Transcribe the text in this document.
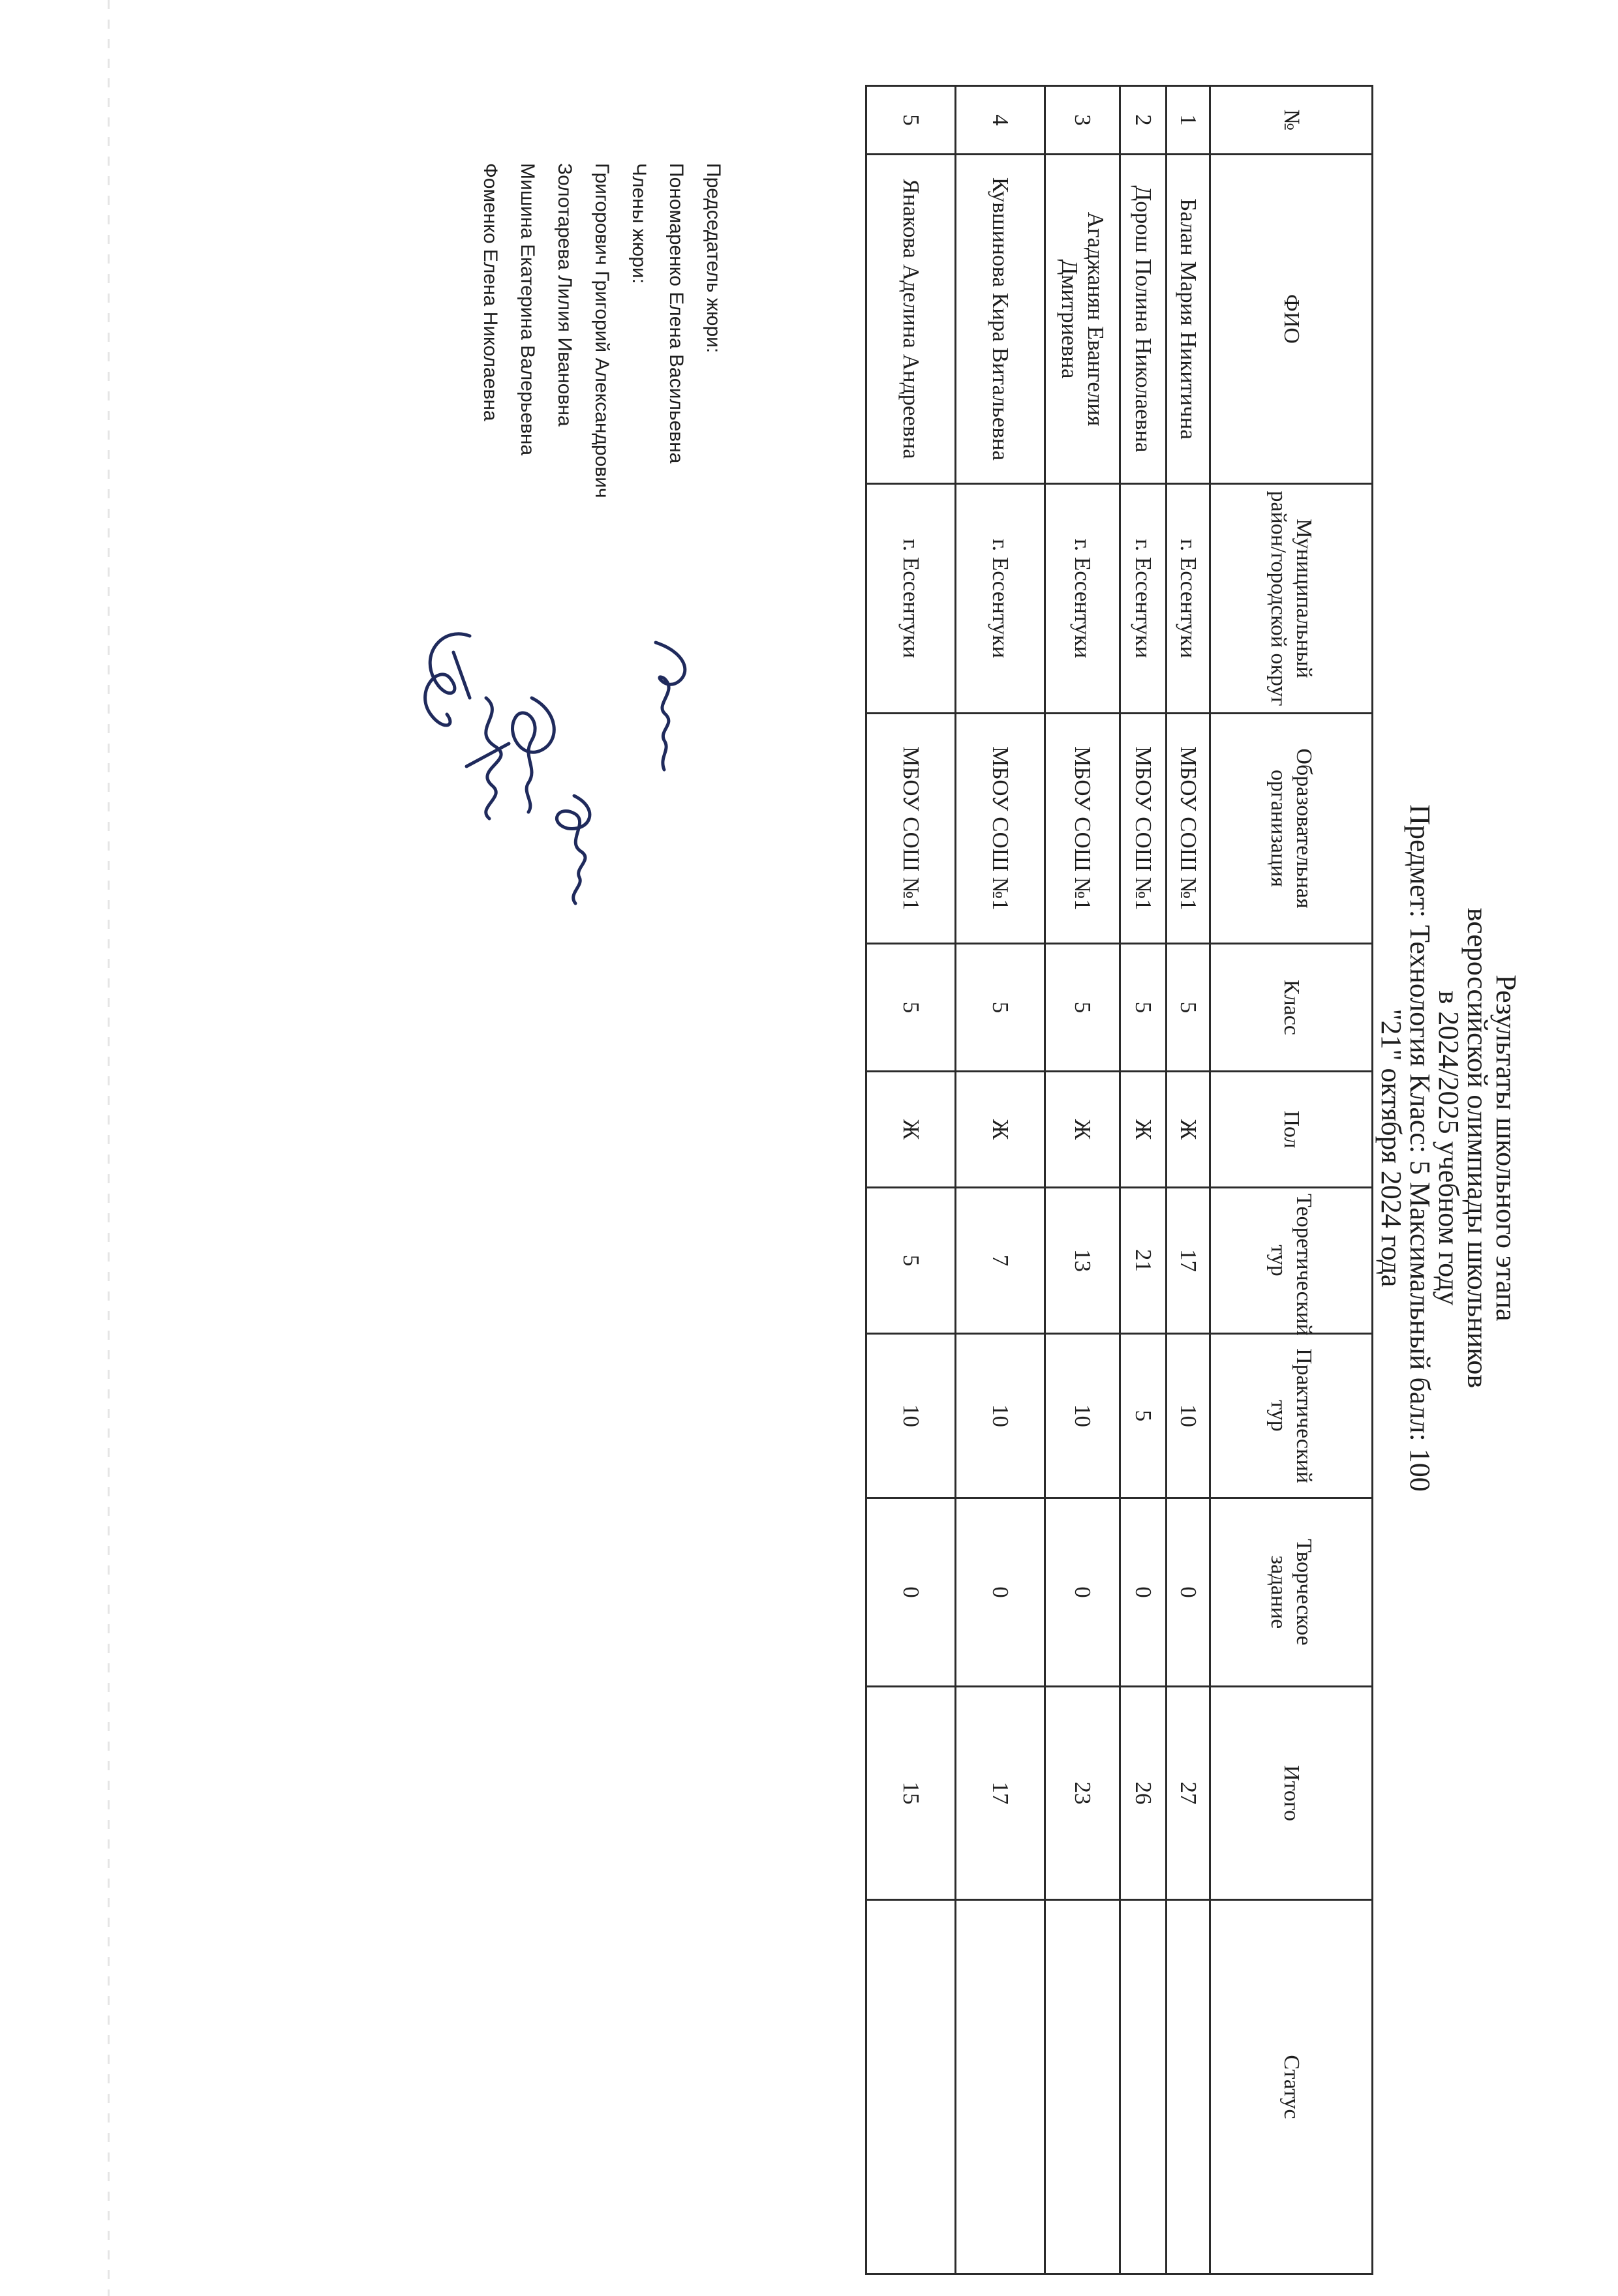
Результаты школьного этапа
всероссийской олимпиады школьников
в 2024/2025 учебном году
Предмет: Технология Класс: 5 Максимальный балл: 100
"21" октября 2024 года
№	ФИО	Муниципальный район/городской округ	Образовательная организация	Класс	Пол	Теоретический тур	Практический тур	Творческое задание	Итого	Статус
1	Балан Мария Никитична	г. Ессентуки	МБОУ СОШ №1	5	Ж	17	10	0	27	
2	Дорош Полина Николаевна	г. Ессентуки	МБОУ СОШ №1	5	Ж	21	5	0	26	
3	Агаджанян Евангелия Дмитриевна	г. Ессентуки	МБОУ СОШ №1	5	Ж	13	10	0	23	
4	Кувшинова Кира Витальевна	г. Ессентуки	МБОУ СОШ №1	5	Ж	7	10	0	17	
5	Янакова Аделина Андреевна	г. Ессентуки	МБОУ СОШ №1	5	Ж	5	10	0	15	
Председатель жюри:
Пономаренко Елена Васильевна
Члены жюри:
Григорович Григорий Александрович
Золотарева Лилия Ивановна
Мишина Екатерина Валерьевна
Фоменко Елена Николаевна
